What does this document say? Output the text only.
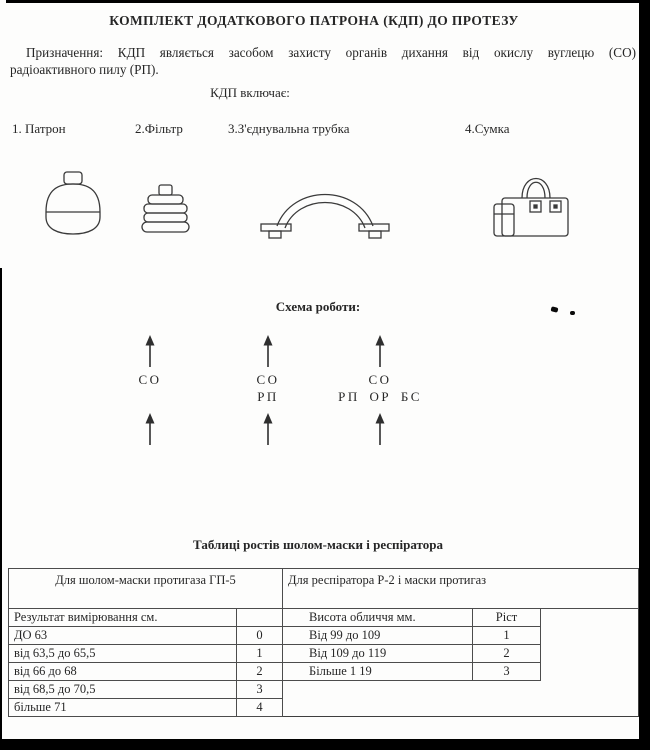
КОМПЛЕКТ ДОДАТКОВОГО ПАТРОНА (КДП) ДО ПРОТЕЗУ
Призначення: КДП являється засобом захисту органів дихання від окислу вуглецю (СО)
радіоактивного пилу (РП).
КДП включає:
1. Патрон	2.Фільтр	3.З'єднувальна трубка	4.Сумка
Схема роботи:
СО	СО
РП
СО
РП ОР БС
Таблиці ростів шолом-маски і респіратора
Для шолом-маски протигаза ГП-5		Для респіратора Р-2 і маски протигаз		
Результат вимірювання см.		Висота обличчя мм.	Ріст	
ДО 63	0	Від 99 до 109	1	
від 63,5 до 65,5	1	Від 109 до 119	2	
від 66 до 68	2	Більше 1 19	3	
від 68,5 до 70,5	3			
більше 71	4			
